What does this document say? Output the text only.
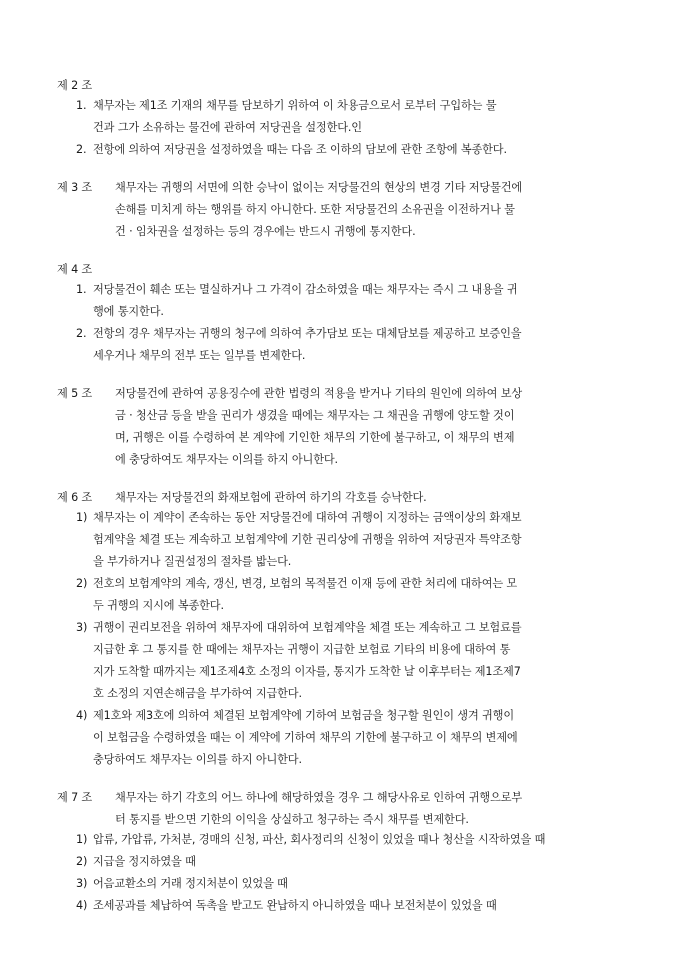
제 2 조
1. 채무자는 제1조 기재의 채무를 담보하기 위하여 이 차용금으로서 로부터 구입하는 물
건과 그가 소유하는 물건에 관하여 저당권을 설정한다.인
2. 전항에 의하여 저당권을 설정하였을 때는 다음 조 이하의 담보에 관한 조항에 복종한다.
제 3 조 채무자는 귀행의 서면에 의한 승낙이 없이는 저당물건의 현상의 변경 기타 저당물건에
손해를 미치게 하는 행위를 하지 아니한다. 또한 저당물건의 소유권을 이전하거나 물
건 · 임차권을 설정하는 등의 경우에는 반드시 귀행에 통지한다.
제 4 조
1. 저당물건이 훼손 또는 멸실하거나 그 가격이 감소하였을 때는 채무자는 즉시 그 내용을 귀
행에 통지한다.
2. 전항의 경우 채무자는 귀행의 청구에 의하여 추가담보 또는 대체담보를 제공하고 보증인을
세우거나 채무의 전부 또는 일부를 변제한다.
제 5 조 저당물건에 관하여 공용징수에 관한 법령의 적용을 받거나 기타의 원인에 의하여 보상
금 · 청산금 등을 받을 권리가 생겼을 때에는 채무자는 그 채권을 귀행에 양도할 것이
며, 귀행은 이를 수령하여 본 계약에 기인한 채무의 기한에 불구하고, 이 채무의 변제
에 충당하여도 채무자는 이의를 하지 아니한다.
제 6 조 채무자는 저당물건의 화재보험에 관하여 하기의 각호를 승낙한다.
1) 채무자는 이 계약이 존속하는 동안 저당물건에 대하여 귀행이 지정하는 금액이상의 화재보
험계약을 체결 또는 계속하고 보험계약에 기한 권리상에 귀행을 위하여 저당권자 특약조항
을 부가하거나 질권설정의 절차를 밟는다.
2) 전호의 보험계약의 계속, 갱신, 변경, 보험의 목적물건 이재 등에 관한 처리에 대하여는 모
두 귀행의 지시에 복종한다.
3) 귀행이 권리보전을 위하여 채무자에 대위하여 보험계약을 체결 또는 계속하고 그 보험료를
지급한 후 그 통지를 한 때에는 채무자는 귀행이 지급한 보험료 기타의 비용에 대하여 통
지가 도착할 때까지는 제1조제4호 소정의 이자를, 통지가 도착한 날 이후부터는 제1조제7
호 소정의 지연손해금을 부가하여 지급한다.
4) 제1호와 제3호에 의하여 체결된 보험계약에 기하여 보험금을 청구할 원인이 생겨 귀행이
이 보험금을 수령하였을 때는 이 계약에 기하여 채무의 기한에 불구하고 이 채무의 변제에
충당하여도 채무자는 이의를 하지 아니한다.
제 7 조 채무자는 하기 각호의 어느 하나에 해당하였을 경우 그 해당사유로 인하여 귀행으로부
터 통지를 받으면 기한의 이익을 상실하고 청구하는 즉시 채무를 변제한다.
1) 압류, 가압류, 가처분, 경매의 신청, 파산, 회사정리의 신청이 있었을 때나 청산을 시작하였을 때
2) 지급을 정지하였을 때
3) 어음교환소의 거래 정지처분이 있었을 때
4) 조세공과를 체납하여 독촉을 받고도 완납하지 아니하였을 때나 보전처분이 있었을 때
